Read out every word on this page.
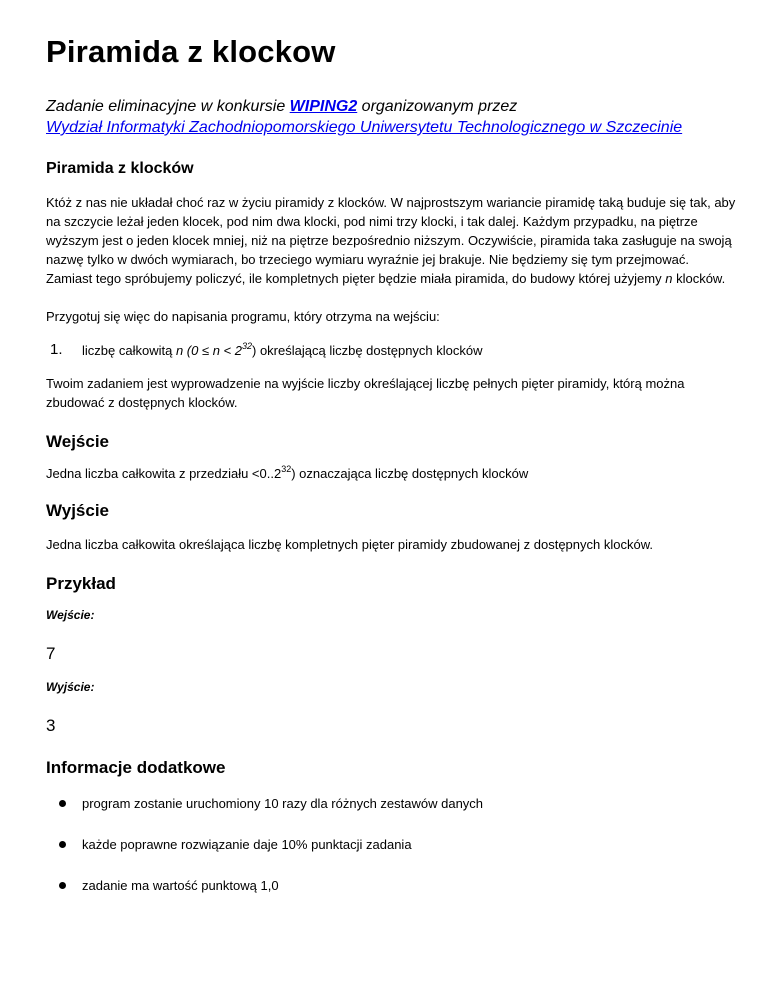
Piramida z klockow
Zadanie eliminacyjne w konkursie WIPING2 organizowanym przez
Wydział Informatyki Zachodniopomorskiego Uniwersytetu Technologicznego w Szczecinie
Piramida z klocków

Któż z nas nie układał choć raz w życiu piramidy z klocków. W najprostszym wariancie piramidę taką buduje się tak, aby na szczycie leżał jeden klocek, pod nim dwa klocki, pod nimi trzy klocki, i tak dalej. Każdym przypadku, na piętrze wyższym jest o jeden klocek mniej, niż na piętrze bezpośrednio niższym. Oczywiście, piramida taka zasługuje na swoją nazwę tylko w dwóch wymiarach, bo trzeciego wymiaru wyraźnie jej brakuje. Nie będziemy się tym przejmować. Zamiast tego spróbujemy policzyć, ile kompletnych pięter będzie miała piramida, do budowy której użyjemy n klocków.

Przygotuj się więc do napisania programu, który otrzyma na wejściu:

1. liczbę całkowitą n $(0 \le n < 2^{32})$ określającą liczbę dostępnych klocków

Twoim zadaniem jest wyprowadzenie na wyjście liczby określającej liczbę pełnych pięter piramidy, którą można zbudować z dostępnych klocków.

Wejście

Jedna liczba całkowita z przedziału $<0..2^{32}$) oznaczająca liczbę dostępnych klocków

Wyjście

Jedna liczba całkowita określająca liczbę kompletnych pięter piramidy zbudowanej z dostępnych klocków.

Przykład
Wejście:
7
Wyjście:
3
Informacje dodatkowe
program zostanie uruchomiony 10 razy dla różnych zestawów danych
każde poprawne rozwiązanie daje 10% punktacji zadania
zadanie ma wartość punktową 1,0
